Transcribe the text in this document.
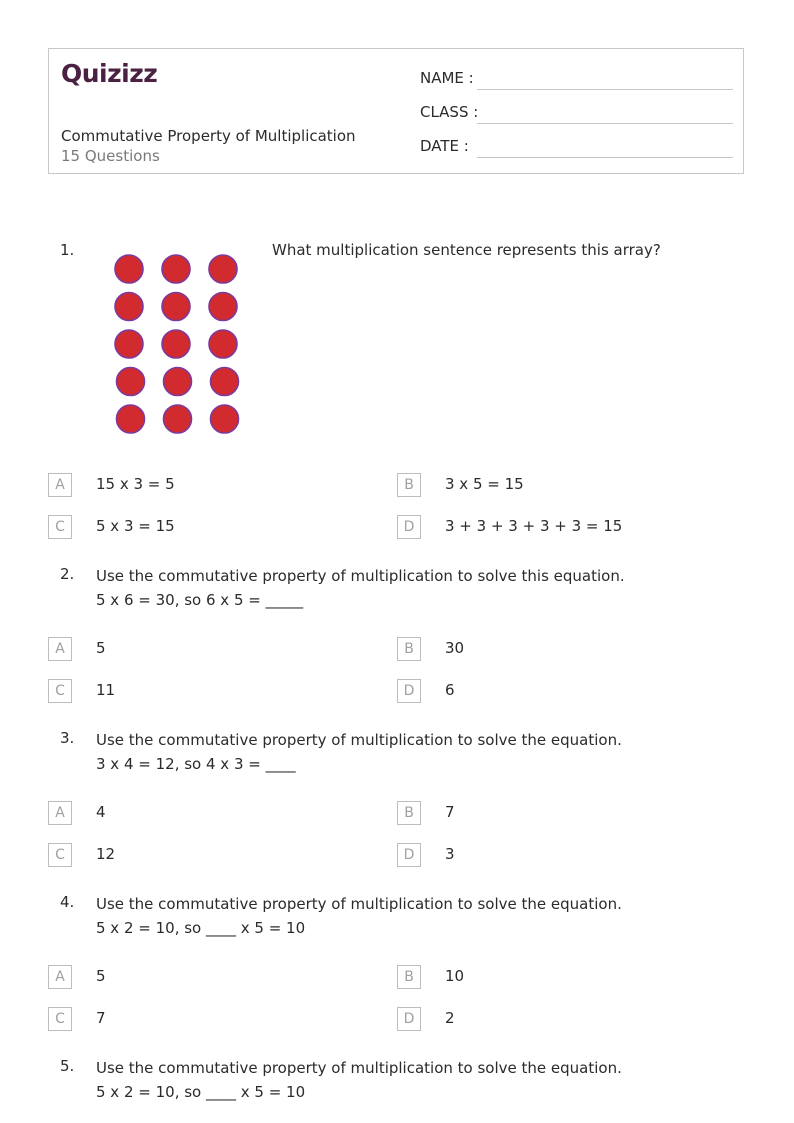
Quizizz
Commutative Property of Multiplication
15 Questions
NAME :
CLASS :
DATE :
1.	What multiplication sentence represents this array?
A	15 x 3 = 5	B	3 x 5 = 15
C	5 x 3 = 15	D	3 + 3 + 3 + 3 + 3 = 15
2. Use the commutative property of multiplication to solve this equation.
5 x 6 = 30, so 6 x 5 = _____
A	5	B	30
C	11	D	6
3. Use the commutative property of multiplication to solve the equation.
3 x 4 = 12, so 4 x 3 = ____
A	4	B	7
C	12	D	3
4. Use the commutative property of multiplication to solve the equation.
5 x 2 = 10, so ____ x 5 = 10
A	5	B	10
C	7	D	2
5. Use the commutative property of multiplication to solve the equation.
5 x 2 = 10, so ____ x 5 = 10
